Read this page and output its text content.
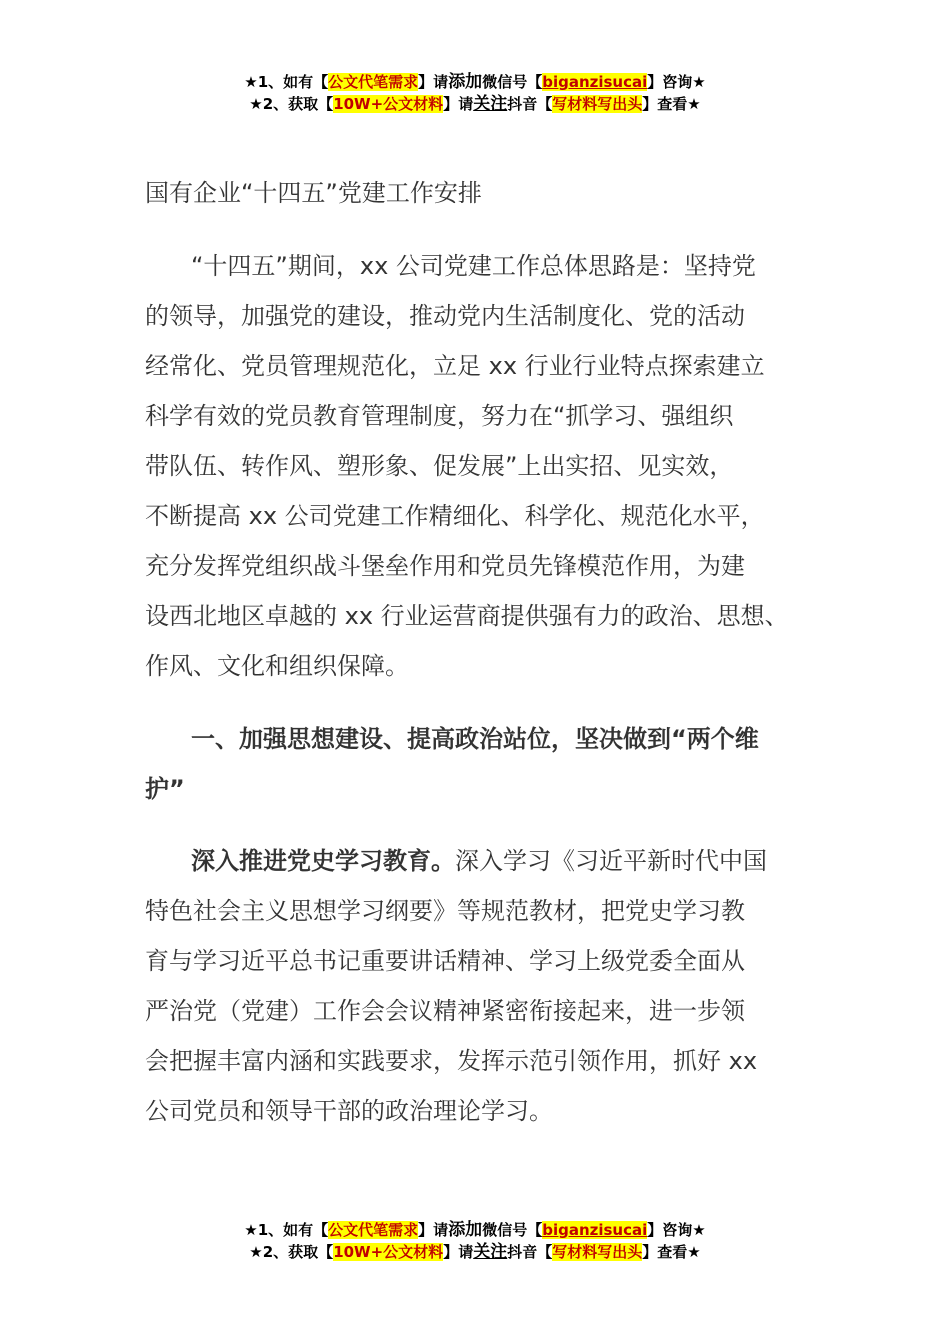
★1、如有【公文代笔需求】请添加微信号【biganzisucai】咨询★
★2、获取【10W+公文材料】请关注抖音【写材料写出头】查看★
国有企业“十四五”党建工作安排
“十四五”期间，xx 公司党建工作总体思路是：坚持党
的领导，加强党的建设，推动党内生活制度化、党的活动
经常化、党员管理规范化，立足 xx 行业行业特点探索建立
科学有效的党员教育管理制度，努力在“抓学习、强组织
带队伍、转作风、塑形象、促发展”上出实招、见实效，
不断提高 xx 公司党建工作精细化、科学化、规范化水平，
充分发挥党组织战斗堡垒作用和党员先锋模范作用，为建
设西北地区卓越的 xx 行业运营商提供强有力的政治、思想、
作风、文化和组织保障。
一、加强思想建设、提高政治站位，坚决做到“两个维
护”
深入推进党史学习教育。深入学习《习近平新时代中国
特色社会主义思想学习纲要》等规范教材，把党史学习教
育与学习近平总书记重要讲话精神、学习上级党委全面从
严治党（党建）工作会会议精神紧密衔接起来，进一步领
会把握丰富内涵和实践要求，发挥示范引领作用，抓好 xx
公司党员和领导干部的政治理论学习。
★1、如有【公文代笔需求】请添加微信号【biganzisucai】咨询★
★2、获取【10W+公文材料】请关注抖音【写材料写出头】查看★
